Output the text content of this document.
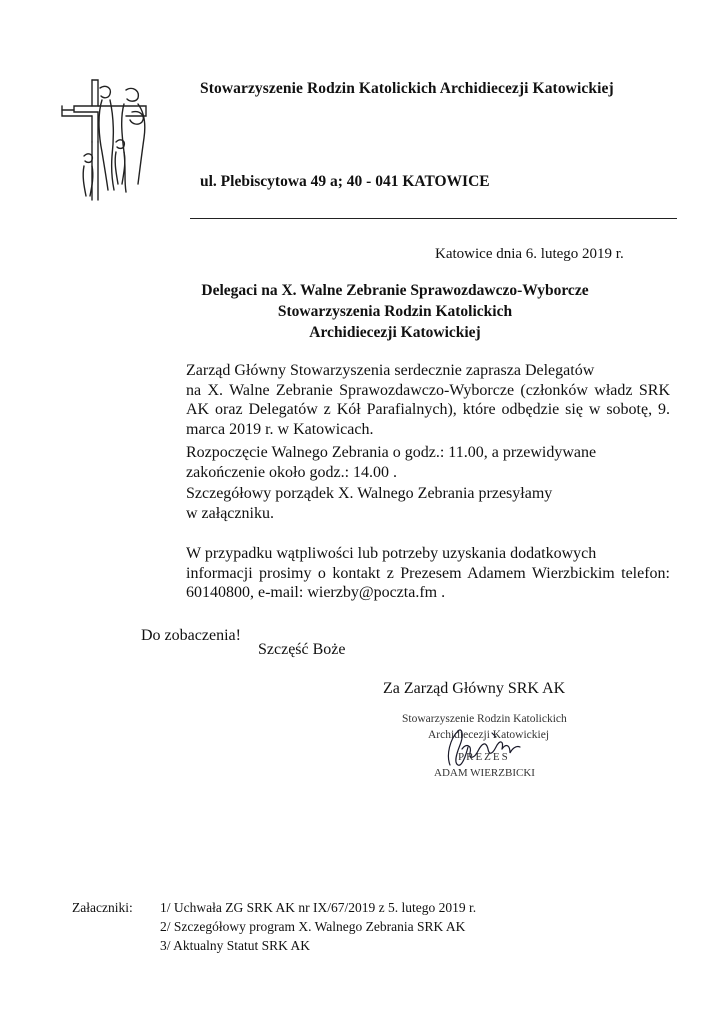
Stowarzyszenie Rodzin Katolickich Archidiecezji Katowickiej
ul. Plebiscytowa 49 a; 40 - 041 KATOWICE
Katowice dnia 6. lutego 2019 r.
Delegaci na X. Walne Zebranie Sprawozdawczo-Wyborcze
Stowarzyszenia Rodzin Katolickich
Archidiecezji Katowickiej
Zarząd Główny Stowarzyszenia serdecznie zaprasza Delegatów
na X. Walne Zebranie Sprawozdawczo-Wyborcze (członków władz SRK AK oraz Delegatów z Kół Parafialnych), które odbędzie się w sobotę, 9. marca 2019 r. w Katowicach.
Rozpoczęcie Walnego Zebrania o godz.: 11.00, a przewidywane
zakończenie około godz.: 14.00 .
Szczegółowy porządek X. Walnego Zebrania przesyłamy
w załączniku.
W przypadku wątpliwości lub potrzeby uzyskania dodatkowych
informacji prosimy o kontakt z Prezesem Adamem Wierzbickim telefon: 60140800, e-mail: wierzby@poczta.fm .
Do zobaczenia!
Szczęść Boże
Za Zarząd Główny SRK AK
Stowarzyszenie Rodzin Katolickich
Archidiecezji Katowickiej
PREZES
ADAM WIERZBICKI
Załaczniki:	1/ Uchwała ZG SRK AK nr IX/67/2019 z 5. lutego 2019 r.
2/ Szczegółowy program X. Walnego Zebrania SRK AK
3/ Aktualny Statut SRK AK
